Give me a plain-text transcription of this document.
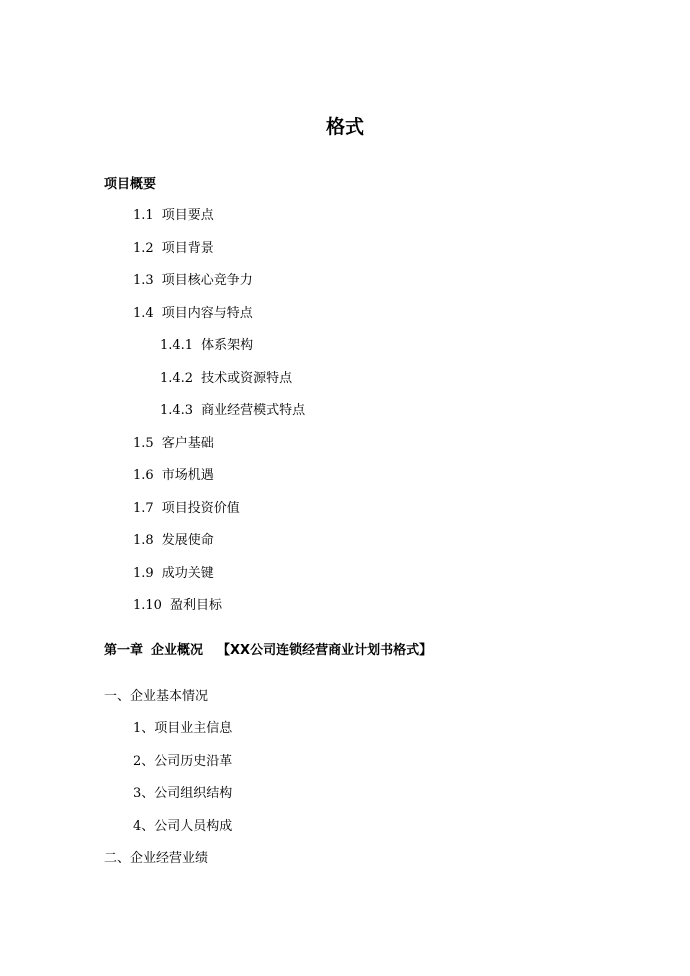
格式
项目概要
1.1 项目要点
1.2 项目背景
1.3 项目核心竞争力
1.4 项目内容与特点
1.4.1 体系架构
1.4.2 技术或资源特点
1.4.3 商业经营模式特点
1.5 客户基础
1.6 市场机遇
1.7 项目投资价值
1.8 发展使命
1.9 成功关键
1.10 盈利目标
第一章 企业概况 【XX公司连锁经营商业计划书格式】
一、企业基本情况
1、项目业主信息
2、公司历史沿革
3、公司组织结构
4、公司人员构成
二、企业经营业绩
